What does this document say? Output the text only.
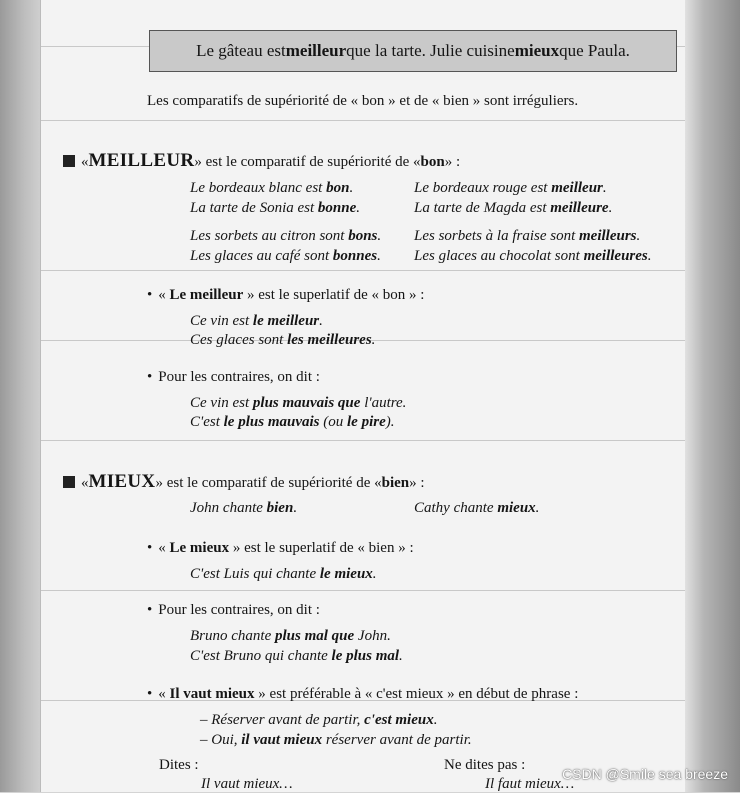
Le gâteau est meilleur que la tarte. Julie cuisine mieux que Paula.
Les comparatifs de supériorité de « bon » et de « bien » sont irréguliers.
« MEILLEUR » est le comparatif de supériorité de « bon » :
Le bordeaux blanc est bon.	Le bordeaux rouge est meilleur.
La tarte de Sonia est bonne.	La tarte de Magda est meilleure.
Les sorbets au citron sont bons. Les sorbets à la fraise sont meilleurs.
Les glaces au café sont bonnes. Les glaces au chocolat sont meilleures.
• « Le meilleur » est le superlatif de « bon » :
Ce vin est le meilleur.
Ces glaces sont les meilleures.
• Pour les contraires, on dit :
Ce vin est plus mauvais que l'autre.
C'est le plus mauvais (ou le pire).
« MIEUX » est le comparatif de supériorité de « bien » :
John chante bien.	Cathy chante mieux.
• « Le mieux » est le superlatif de « bien » :
C'est Luis qui chante le mieux.
• Pour les contraires, on dit :
Bruno chante plus mal que John.
C'est Bruno qui chante le plus mal.
• « Il vaut mieux » est préférable à « c'est mieux » en début de phrase :
– Réserver avant de partir, c'est mieux.
– Oui, il vaut mieux réserver avant de partir.
Dites :
Il vaut mieux…
Ne dites pas :
Il faut mieux…
CSDN @Smile sea breeze
